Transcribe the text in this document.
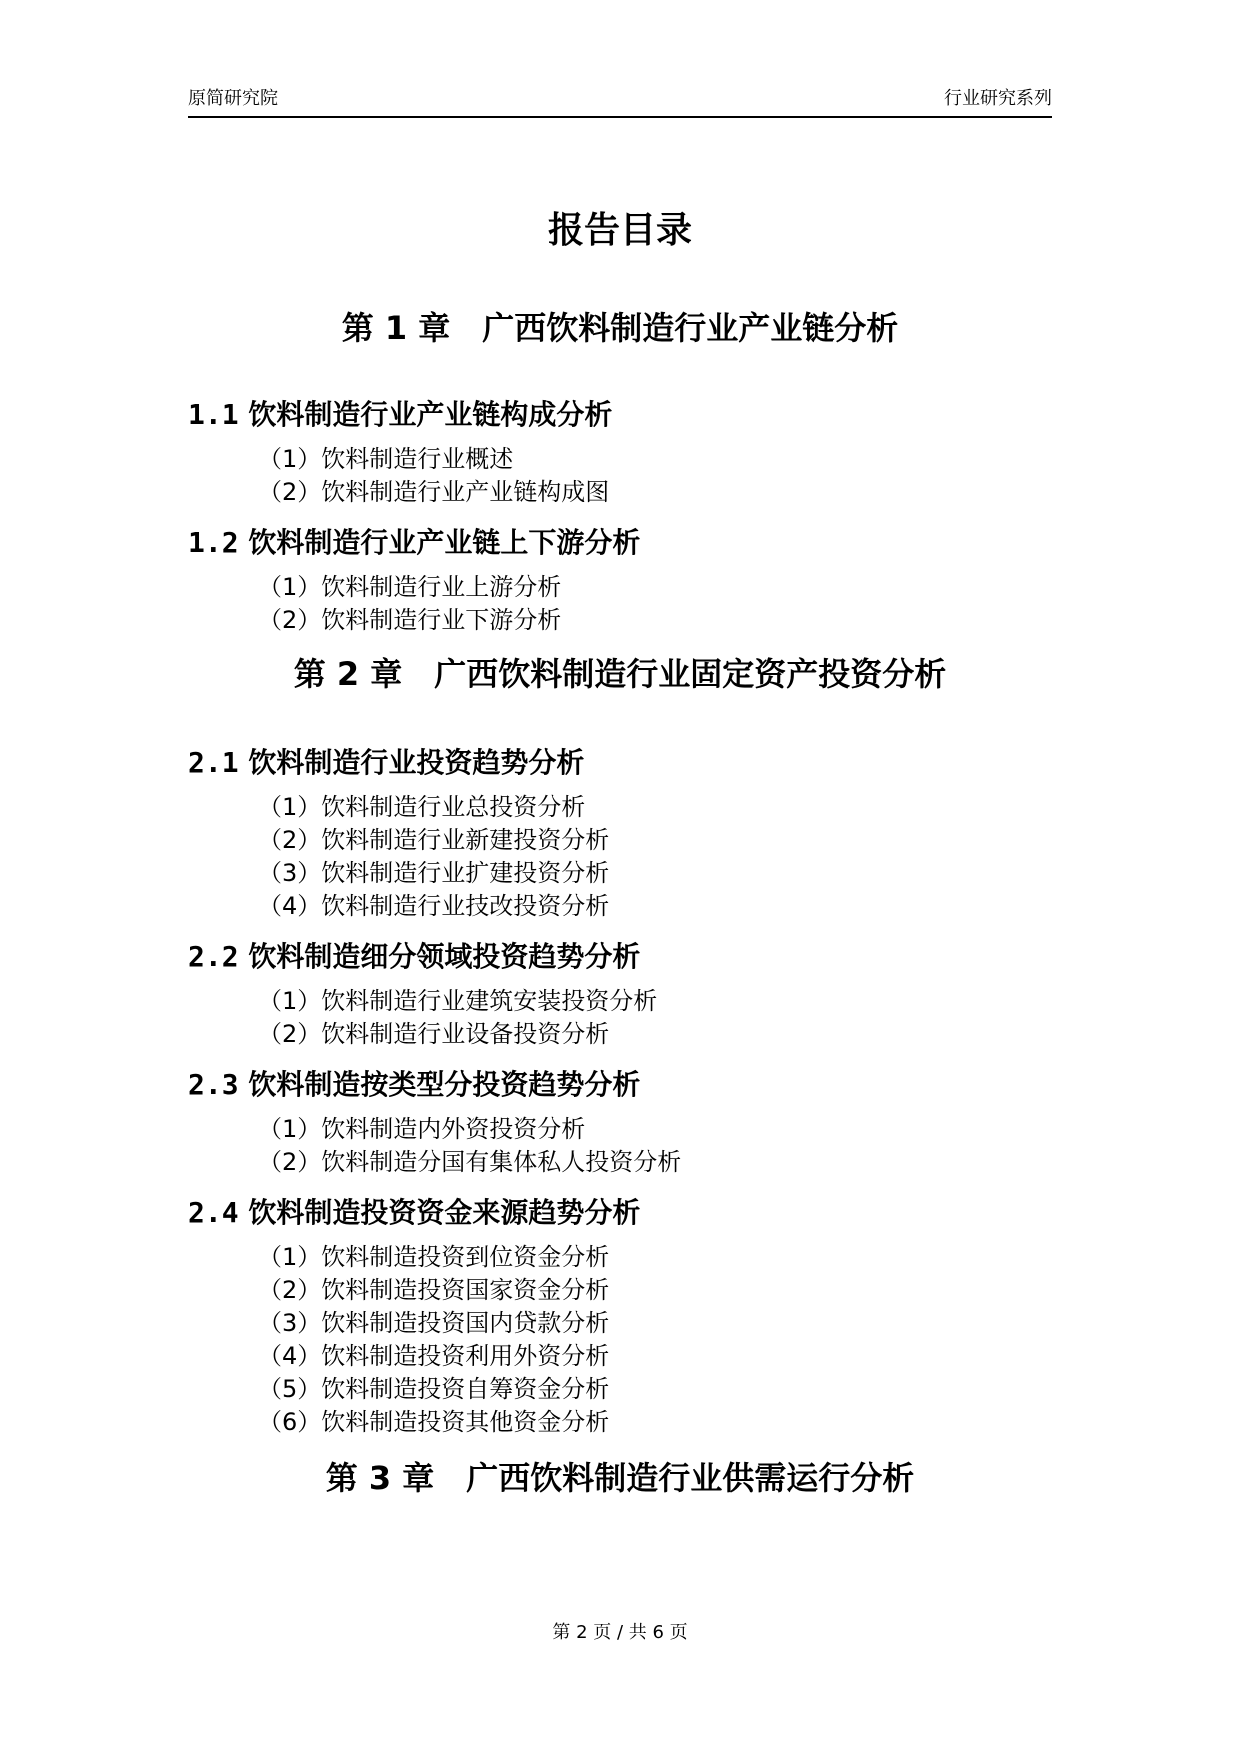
原简研究院	行业研究系列
报告目录
第 1 章　广西饮料制造行业产业链分析
1.1 饮料制造行业产业链构成分析
（1）饮料制造行业概述
（2）饮料制造行业产业链构成图
1.2 饮料制造行业产业链上下游分析
（1）饮料制造行业上游分析
（2）饮料制造行业下游分析
第 2 章　广西饮料制造行业固定资产投资分析
2.1 饮料制造行业投资趋势分析
（1）饮料制造行业总投资分析
（2）饮料制造行业新建投资分析
（3）饮料制造行业扩建投资分析
（4）饮料制造行业技改投资分析
2.2 饮料制造细分领域投资趋势分析
（1）饮料制造行业建筑安装投资分析
（2）饮料制造行业设备投资分析
2.3 饮料制造按类型分投资趋势分析
（1）饮料制造内外资投资分析
（2）饮料制造分国有集体私人投资分析
2.4 饮料制造投资资金来源趋势分析
（1）饮料制造投资到位资金分析
（2）饮料制造投资国家资金分析
（3）饮料制造投资国内贷款分析
（4）饮料制造投资利用外资分析
（5）饮料制造投资自筹资金分析
（6）饮料制造投资其他资金分析
第 3 章　广西饮料制造行业供需运行分析
第 2 页 / 共 6 页
